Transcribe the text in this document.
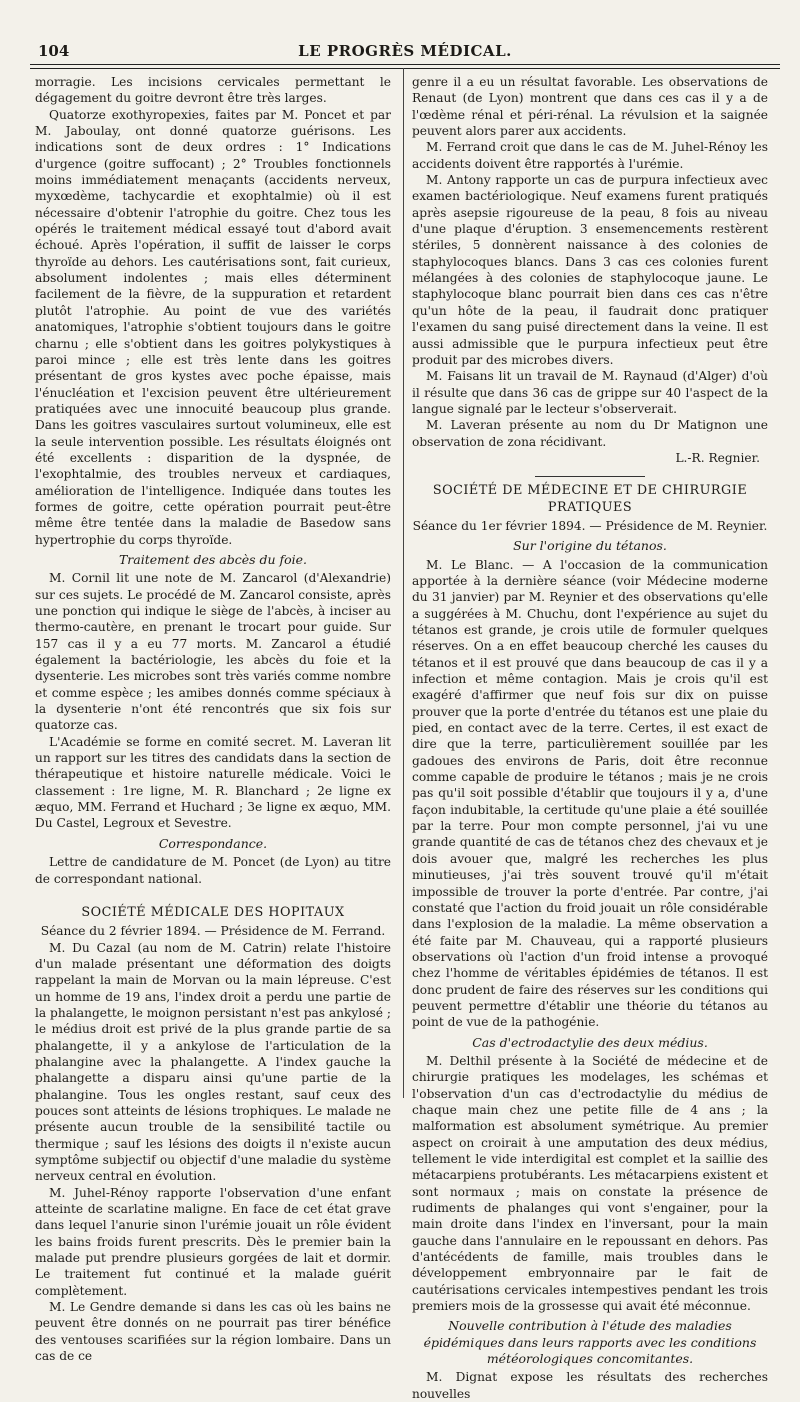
104	LE PROGRÈS MÉDICAL.

morragie. Les incisions cervicales permettant le dégagement du goitre devront être très larges.

Quatorze exothyropexies, faites par M. Poncet et par M. Jaboulay, ont donné quatorze guérisons. Les indications sont de deux ordres : 1° Indications d'urgence (goitre suffocant) ; 2° Troubles fonctionnels moins immédiatement menaçants (accidents nerveux, myxœdème, tachycardie et exophtalmie) où il est nécessaire d'obtenir l'atrophie du goitre. Chez tous les opérés le traitement médical essayé tout d'abord avait échoué. Après l'opération, il suffit de laisser le corps thyroïde au dehors. Les cautérisations sont, fait curieux, absolument indolentes ; mais elles déterminent facilement de la fièvre, de la suppuration et retardent plutôt l'atrophie. Au point de vue des variétés anatomiques, l'atrophie s'obtient toujours dans le goitre charnu ; elle s'obtient dans les goitres polykystiques à paroi mince ; elle est très lente dans les goitres présentant de gros kystes avec poche épaisse, mais l'énucléation et l'excision peuvent être ultérieurement pratiquées avec une innocuité beaucoup plus grande. Dans les goitres vasculaires surtout volumineux, elle est la seule intervention possible. Les résultats éloignés ont été excellents : disparition de la dyspnée, de l'exophtalmie, des troubles nerveux et cardiaques, amélioration de l'intelligence. Indiquée dans toutes les formes de goitre, cette opération pourrait peut-être même être tentée dans la maladie de Basedow sans hypertrophie du corps thyroïde.

Traitement des abcès du foie.

M. Cornil lit une note de M. Zancarol (d'Alexandrie) sur ces sujets. Le procédé de M. Zancarol consiste, après une ponction qui indique le siège de l'abcès, à inciser au thermo-cautère, en prenant le trocart pour guide. Sur 157 cas il y a eu 77 morts. M. Zancarol a étudié également la bactériologie, les abcès du foie et la dysenterie. Les microbes sont très variés comme nombre et comme espèce ; les amibes donnés comme spéciaux à la dysenterie n'ont été rencontrés que six fois sur quatorze cas.

L'Académie se forme en comité secret. M. Laveran lit un rapport sur les titres des candidats dans la section de thérapeutique et histoire naturelle médicale. Voici le classement : 1re ligne, M. R. Blanchard ; 2e ligne ex æquo, MM. Ferrand et Huchard ; 3e ligne ex æquo, MM. Du Castel, Legroux et Sevestre.

Correspondance.

Lettre de candidature de M. Poncet (de Lyon) au titre de correspondant national.

SOCIÉTÉ MÉDICALE DES HOPITAUX
Séance du 2 février 1894. — Présidence de M. Ferrand.

M. Du Cazal (au nom de M. Catrin) relate l'histoire d'un malade présentant une déformation des doigts rappelant la main de Morvan ou la main lépreuse. C'est un homme de 19 ans, l'index droit a perdu une partie de la phalangette, le moignon persistant n'est pas ankylosé ; le médius droit est privé de la plus grande partie de sa phalangette, il y a ankylose de l'articulation de la phalangine avec la phalangette. A l'index gauche la phalangette a disparu ainsi qu'une partie de la phalangine. Tous les ongles restant, sauf ceux des pouces sont atteints de lésions trophiques. Le malade ne présente aucun trouble de la sensibilité tactile ou thermique ; sauf les lésions des doigts il n'existe aucun symptôme subjectif ou objectif d'une maladie du système nerveux central en évolution.

M. Juhel-Rénoy rapporte l'observation d'une enfant atteinte de scarlatine maligne. En face de cet état grave dans lequel l'anurie sinon l'urémie jouait un rôle évident les bains froids furent prescrits. Dès le premier bain la malade put prendre plusieurs gorgées de lait et dormir. Le traitement fut continué et la malade guérit complètement.

M. Le Gendre demande si dans les cas où les bains ne peuvent être donnés on ne pourrait pas tirer bénéfice des ventouses scarifiées sur la région lombaire. Dans un cas de ce

genre il a eu un résultat favorable. Les observations de Renaut (de Lyon) montrent que dans ces cas il y a de l'œdème rénal et péri-rénal. La révulsion et la saignée peuvent alors parer aux accidents.

M. Ferrand croit que dans le cas de M. Juhel-Rénoy les accidents doivent être rapportés à l'urémie.

M. Antony rapporte un cas de purpura infectieux avec examen bactériologique. Neuf examens furent pratiqués après asepsie rigoureuse de la peau, 8 fois au niveau d'une plaque d'éruption. 3 ensemencements restèrent stériles, 5 donnèrent naissance à des colonies de staphylocoques blancs. Dans 3 cas ces colonies furent mélangées à des colonies de staphylocoque jaune. Le staphylocoque blanc pourrait bien dans ces cas n'être qu'un hôte de la peau, il faudrait donc pratiquer l'examen du sang puisé directement dans la veine. Il est aussi admissible que le purpura infectieux peut être produit par des microbes divers.

M. Faisans lit un travail de M. Raynaud (d'Alger) d'où il résulte que dans 36 cas de grippe sur 40 l'aspect de la langue signalé par le lecteur s'observerait.

M. Laveran présente au nom du Dr Matignon une observation de zona récidivant.

L.-R. Regnier.
SOCIÉTÉ DE MÉDECINE ET DE CHIRURGIE PRATIQUES
Séance du 1er février 1894. — Présidence de M. Reynier.
Sur l'origine du tétanos.

M. Le Blanc. — A l'occasion de la communication apportée à la dernière séance (voir Médecine moderne du 31 janvier) par M. Reynier et des observations qu'elle a suggérées à M. Chuchu, dont l'expérience au sujet du tétanos est grande, je crois utile de formuler quelques réserves. On a en effet beaucoup cherché les causes du tétanos et il est prouvé que dans beaucoup de cas il y a infection et même contagion. Mais je crois qu'il est exagéré d'affirmer que neuf fois sur dix on puisse prouver que la porte d'entrée du tétanos est une plaie du pied, en contact avec de la terre. Certes, il est exact de dire que la terre, particulièrement souillée par les gadoues des environs de Paris, doit être reconnue comme capable de produire le tétanos ; mais je ne crois pas qu'il soit possible d'établir que toujours il y a, d'une façon indubitable, la certitude qu'une plaie a été souillée par la terre. Pour mon compte personnel, j'ai vu une grande quantité de cas de tétanos chez des chevaux et je dois avouer que, malgré les recherches les plus minutieuses, j'ai très souvent trouvé qu'il m'était impossible de trouver la porte d'entrée. Par contre, j'ai constaté que l'action du froid jouait un rôle considérable dans l'explosion de la maladie. La même observation a été faite par M. Chauveau, qui a rapporté plusieurs observations où l'action d'un froid intense a provoqué chez l'homme de véritables épidémies de tétanos. Il est donc prudent de faire des réserves sur les conditions qui peuvent permettre d'établir une théorie du tétanos au point de vue de la pathogénie.

Cas d'ectrodactylie des deux médius.

M. Delthil présente à la Société de médecine et de chirurgie pratiques les modelages, les schémas et l'observation d'un cas d'ectrodactylie du médius de chaque main chez une petite fille de 4 ans ; la malformation est absolument symétrique. Au premier aspect on croirait à une amputation des deux médius, tellement le vide interdigital est complet et la saillie des métacarpiens protubérants. Les métacarpiens existent et sont normaux ; mais on constate la présence de rudiments de phalanges qui vont s'engainer, pour la main droite dans l'index en l'inversant, pour la main gauche dans l'annulaire en le repoussant en dehors. Pas d'antécédents de famille, mais troubles dans le développement embryonnaire par le fait de cautérisations cervicales intempestives pendant les trois premiers mois de la grossesse qui avait été méconnue.

Nouvelle contribution à l'étude des maladies épidémiques dans leurs rapports avec les conditions météorologiques concomitantes.

M. Dignat expose les résultats des recherches nouvelles
